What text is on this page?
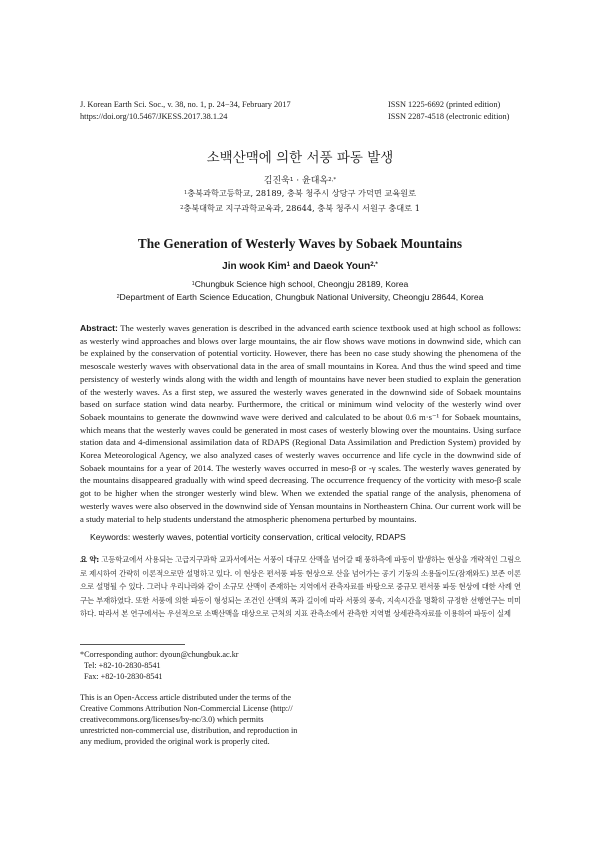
J. Korean Earth Sci. Soc., v. 38, no. 1, p. 24−34, February 2017
https://doi.org/10.5467/JKESS.2017.38.1.24
ISSN 1225-6692 (printed edition)
ISSN 2287-4518 (electronic edition)
소백산맥에 의한 서풍 파동 발생
김진욱$^1$ · 윤대옥$^{2,*}$
$^1$충북과학고등학교, 28189, 충북 청주시 상당구 가덕면 교육원로
$^2$충북대학교 지구과학교육과, 28644, 충북 청주시 서원구 충대로 1
The Generation of Westerly Waves by Sobaek Mountains
Jin wook Kim$^1$ and Daeok Youn$^{2,*}$
$^1$Chungbuk Science high school, Cheongju 28189, Korea
$^2$Department of Earth Science Education, Chungbuk National University, Cheongju 28644, Korea

Abstract: The westerly waves generation is described in the advanced earth science textbook used at high school as follows: as westerly wind approaches and blows over large mountains, the air flow shows wave motions in downwind side, which can be explained by the conservation of potential vorticity. However, there has been no case study showing the phenomena of the mesoscale westerly waves with observational data in the area of small mountains in Korea. And thus the wind speed and time persistency of westerly winds along with the width and length of mountains have never been studied to explain the generation of the westerly waves. As a first step, we assured the westerly waves generated in the downwind side of Sobaek mountains based on surface station wind data nearby. Furthermore, the critical or minimum wind velocity of the westerly wind over Sobaek mountains to generate the downwind wave were derived and calculated to be about 0.6 m·s⁻¹ for Sobaek mountains, which means that the westerly waves could be generated in most cases of westerly blowing over the mountains. Using surface station data and 4-dimensional assimilation data of RDAPS (Regional Data Assimilation and Prediction System) provided by Korea Meteorological Agency, we also analyzed cases of westerly waves occurrence and life cycle in the downwind side of Sobaek mountains for a year of 2014. The westerly waves occurred in meso-β or -γ scales. The westerly waves generated by the mountains disappeared gradually with wind speed decreasing. The occurrence frequency of the vorticity with meso-β scale got to be higher when the stronger westerly wind blew. When we extended the spatial range of the analysis, phenomena of westerly waves were also observed in the downwind side of Yensan mountains in Northeastern China. Our current work will be a study material to help students understand the atmospheric phenomena perturbed by mountains.

Keywords: westerly waves, potential vorticity conservation, critical velocity, RDAPS

요 약: 고등학교에서 사용되는 고급지구과학 교과서에서는 서풍이 대규모 산맥을 넘어갈 때 풍하측에 파동이 발생하는 현상을 개략적인 그림으로 제시하여 간략히 이론적으로만 설명하고 있다. 이 현상은 편서풍 파동 현상으로 산을 넘어가는 공기 기둥의 소용돌이도(잠재와도) 보존 이론으로 설명될 수 있다. 그러나 우리나라와 같이 소규모 산맥이 존재하는 지역에서 관측자료를 바탕으로 중규모 편서풍 파동 현상에 대한 사례 연구는 부재하였다. 또한 서풍에 의한 파동이 형성되는 조건인 산맥의 폭과 길이에 따라 서풍의 풍속, 지속시간을 명확히 규정한 선행연구는 미미하다. 따라서 본 연구에서는 우선적으로 소백산맥을 대상으로 근처의 지표 관측소에서 관측한 지역별 상세관측자료를 이용하여 파동이 실제

*Corresponding author: dyoun@chungbuk.ac.kr
Tel: +82-10-2830-8541
Fax: +82-10-2830-8541

This is an Open-Access article distributed under the terms of the Creative Commons Attribution Non-Commercial License (http:// creativecommons.org/licenses/by-nc/3.0) which permits unrestricted non-commercial use, distribution, and reproduction in any medium, provided the original work is properly cited.
